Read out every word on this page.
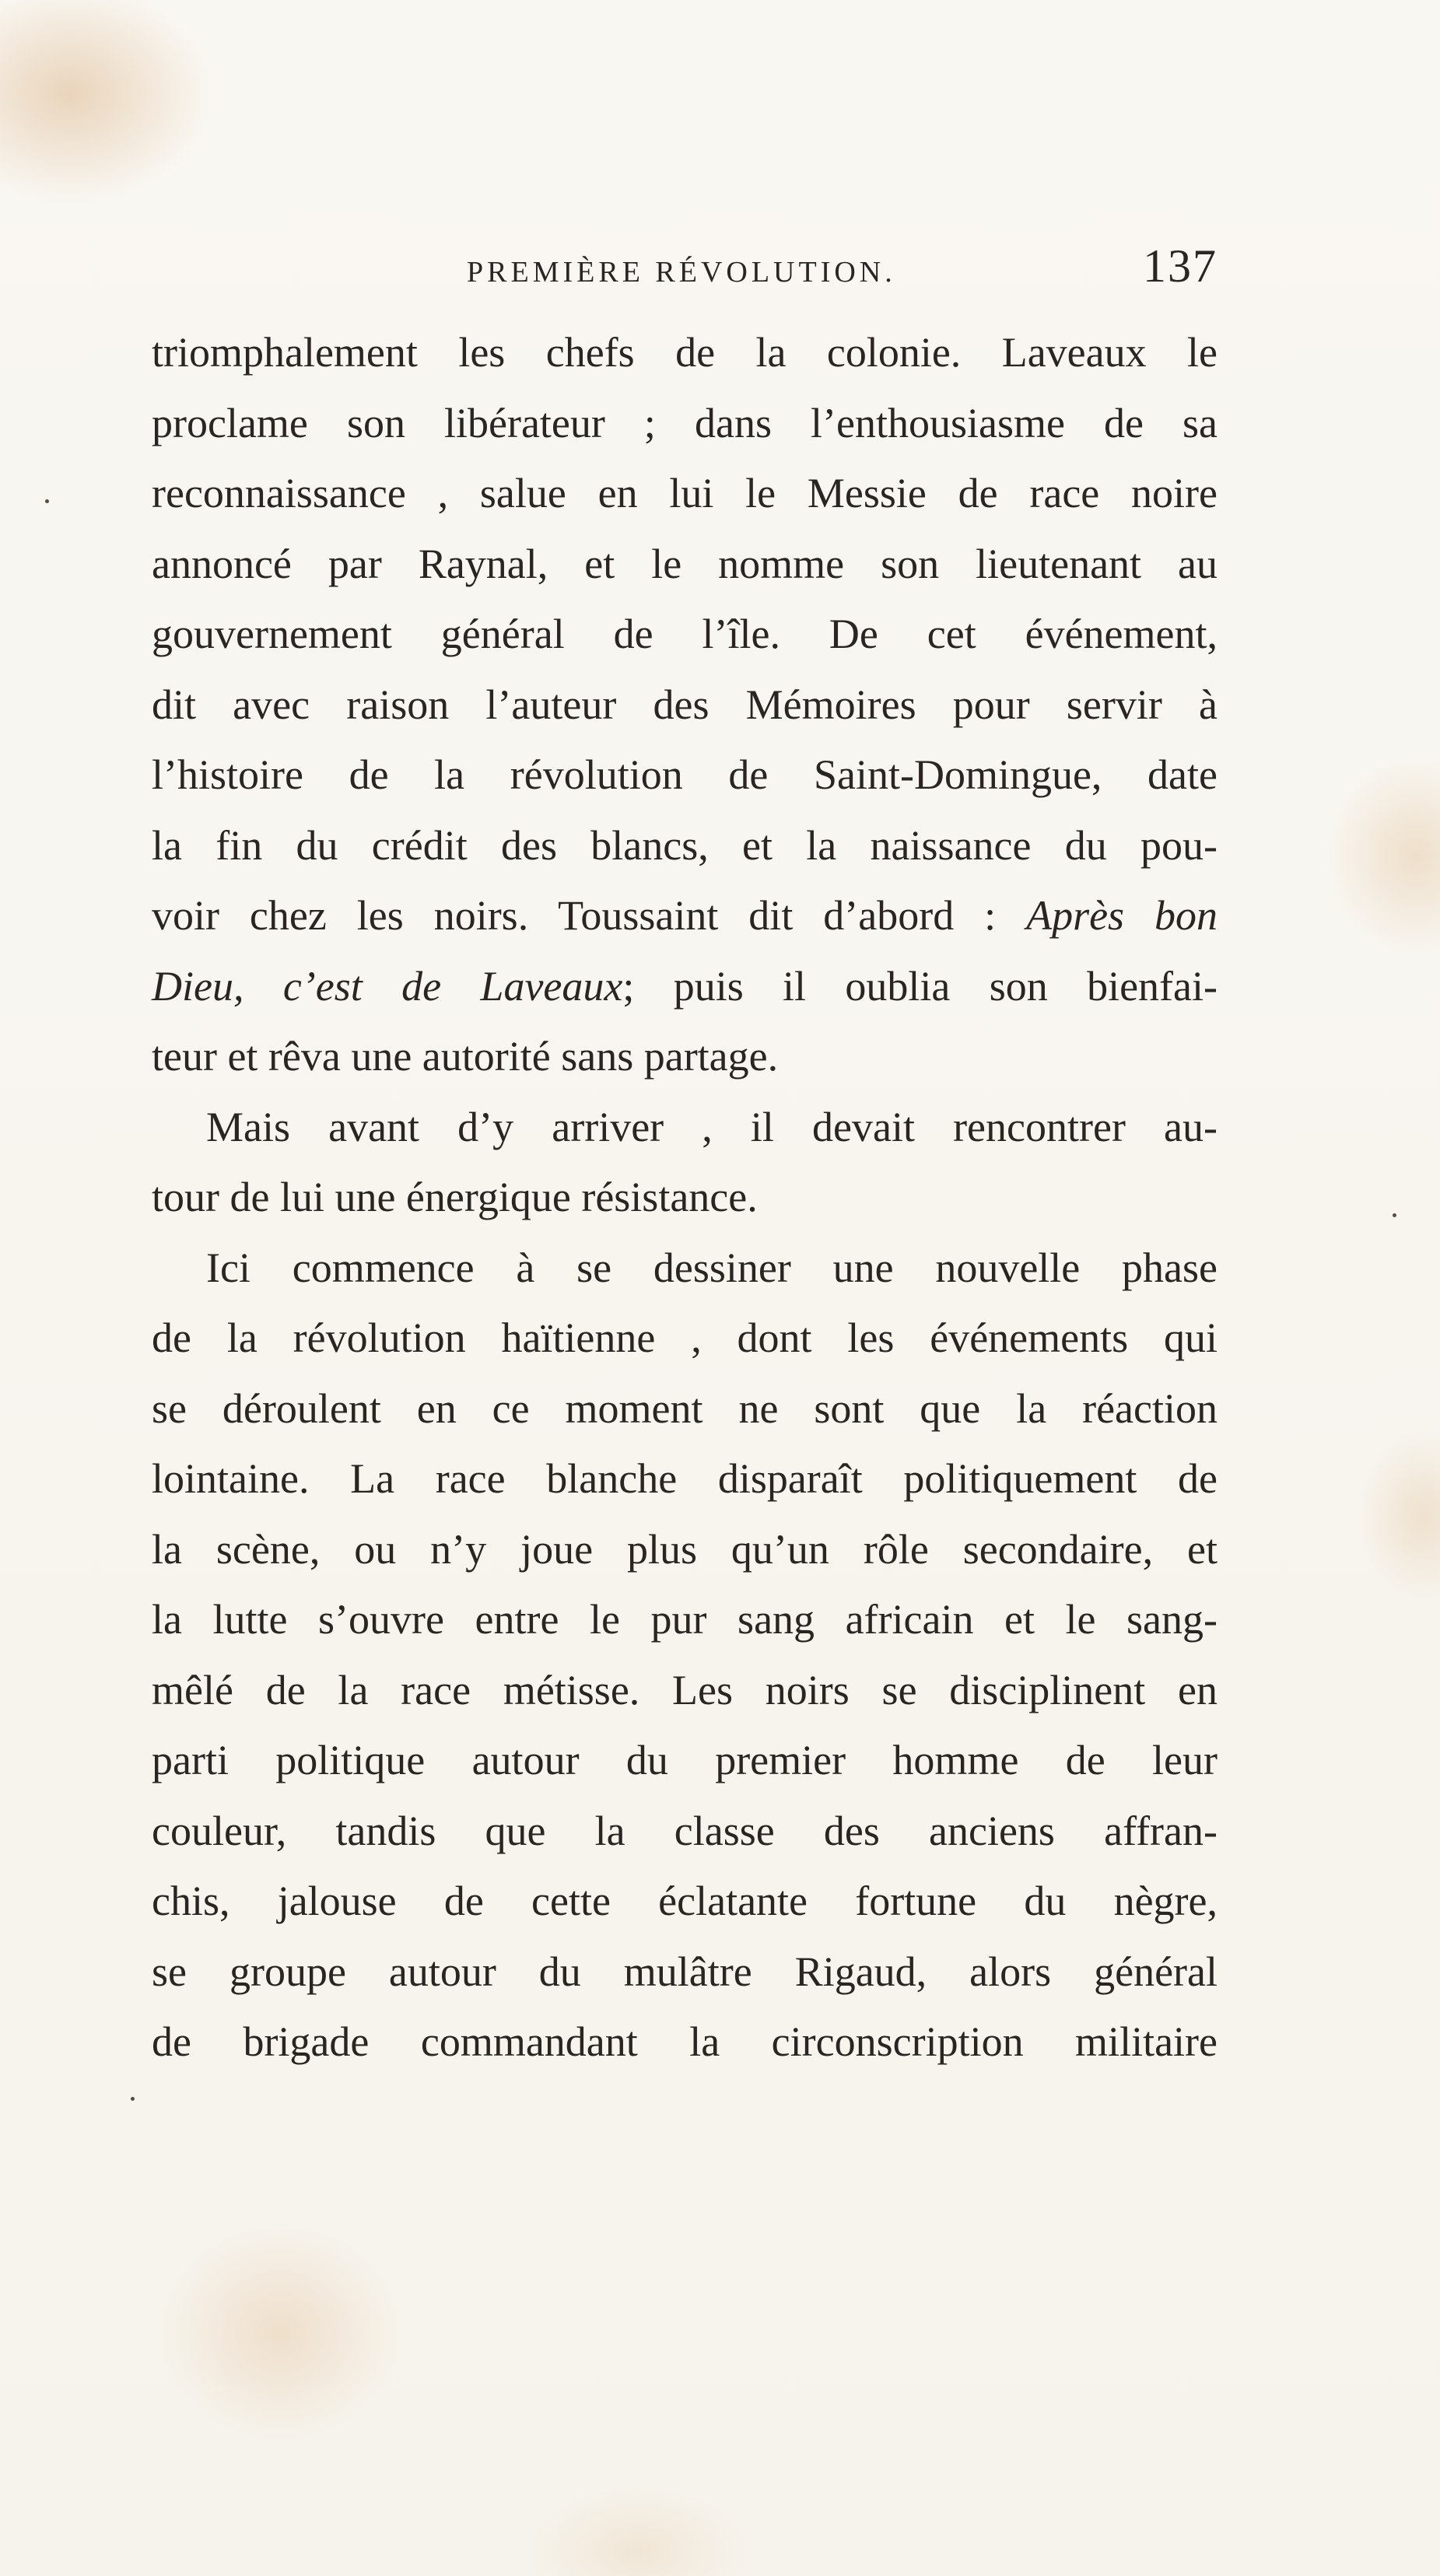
PREMIÈRE RÉVOLUTION.	137
triomphalement les chefs de la colonie. Laveaux le
proclame son libérateur ; dans l’enthousiasme de sa
reconnaissance , salue en lui le Messie de race noire
annoncé par Raynal, et le nomme son lieutenant au
gouvernement général de l’île. De cet événement,
dit avec raison l’auteur des Mémoires pour servir à
l’histoire de la révolution de Saint-Domingue, date
la fin du crédit des blancs, et la naissance du pou-
voir chez les noirs. Toussaint dit d’abord : Après bon
Dieu, c’est de Laveaux; puis il oublia son bienfai-
teur et rêva une autorité sans partage.
Mais avant d’y arriver , il devait rencontrer au-
tour de lui une énergique résistance.
Ici commence à se dessiner une nouvelle phase
de la révolution haïtienne , dont les événements qui
se déroulent en ce moment ne sont que la réaction
lointaine. La race blanche disparaît politiquement de
la scène, ou n’y joue plus qu’un rôle secondaire, et
la lutte s’ouvre entre le pur sang africain et le sang-
mêlé de la race métisse. Les noirs se disciplinent en
parti politique autour du premier homme de leur
couleur, tandis que la classe des anciens affran-
chis, jalouse de cette éclatante fortune du nègre,
se groupe autour du mulâtre Rigaud, alors général
de brigade commandant la circonscription militaire
